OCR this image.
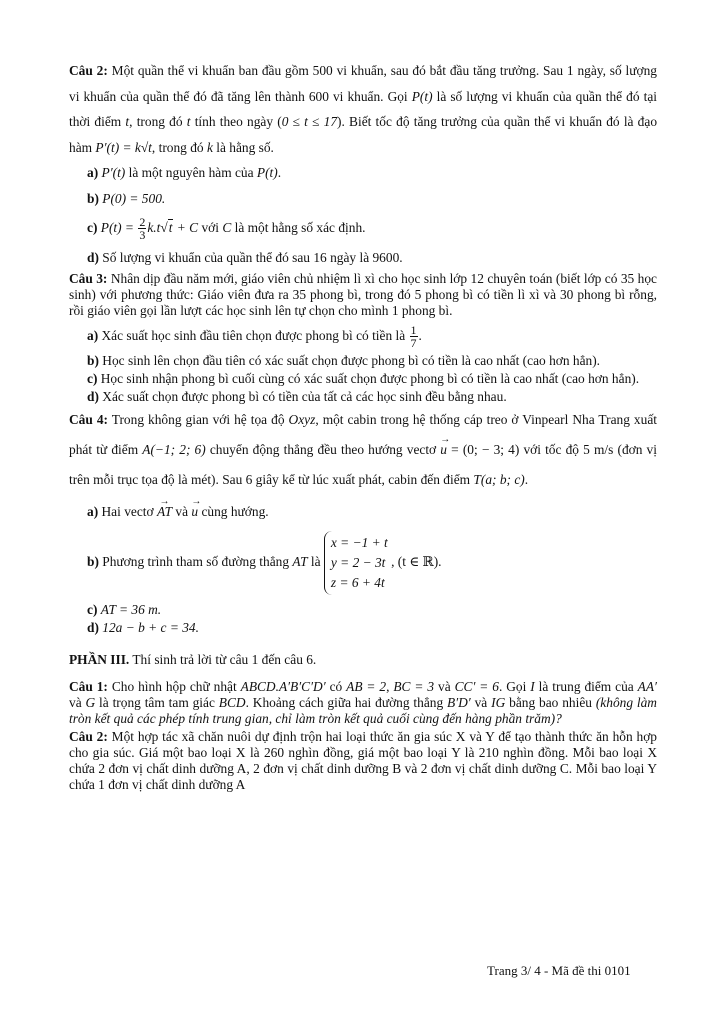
Câu 2: Một quần thể vi khuẩn ban đầu gồm 500 vi khuẩn, sau đó bắt đầu tăng trưởng. Sau 1 ngày, số lượng vi khuẩn của quần thể đó đã tăng lên thành 600 vi khuẩn. Gọi P(t) là số lượng vi khuẩn của quần thể đó tại thời điểm t, trong đó t tính theo ngày (0 ≤ t ≤ 17). Biết tốc độ tăng trưởng của quần thể vi khuẩn đó là đạo hàm P′(t) = k√t, trong đó k là hằng số.
a) P′(t) là một nguyên hàm của P(t).
b) P(0) = 500.
c) $P(t) = \frac{2}{3} k.t√t + C$ với C là một hằng số xác định.
d) Số lượng vi khuẩn của quần thể đó sau 16 ngày là 9600.
Câu 3: Nhân dịp đầu năm mới, giáo viên chủ nhiệm lì xì cho học sinh lớp 12 chuyên toán (biết lớp có 35 học sinh) với phương thức: Giáo viên đưa ra 35 phong bì, trong đó 5 phong bì có tiền lì xì và 30 phong bì rỗng, rồi giáo viên gọi lần lượt các học sinh lên tự chọn cho mình 1 phong bì.
a) Xác suất học sinh đầu tiên chọn được phong bì có tiền là $\frac{1}{7}$ .
b) Học sinh lên chọn đầu tiên có xác suất chọn được phong bì có tiền là cao nhất (cao hơn hẳn).
c) Học sinh nhận phong bì cuối cùng có xác suất chọn được phong bì có tiền là cao nhất (cao hơn hẳn).
d) Xác suất chọn được phong bì có tiền của tất cả các học sinh đều bằng nhau.
Câu 4: Trong không gian với hệ tọa độ Oxyz, một cabin trong hệ thống cáp treo ở Vinpearl Nha Trang xuất phát từ điểm A(−1; 2; 6) chuyển động thẳng đều theo hướng vectơ → u = (0; − 3; 4) với tốc độ 5 m/s (đơn vị trên mỗi trục tọa độ là mét). Sau 6 giây kể từ lúc xuất phát, cabin đến điểm T(a; b; c).
a) Hai vectơ → AT và → u cùng hướng.
b) Phương trình tham số đường thẳng AT là
x = −1 + t
y = 2 − 3t
z = 6 + 4t
, (t ∈ ℝ).
c) AT = 36 m.
d) 12a − b + c = 34.
PHẦN III. Thí sinh trả lời từ câu 1 đến câu 6.
Câu 1: Cho hình hộp chữ nhật ABCD.A′B′C′D′ có AB = 2, BC = 3 và CC′ = 6. Gọi I là trung điểm của AA′ và G là trọng tâm tam giác BCD. Khoảng cách giữa hai đường thẳng B′D′ và IG bằng bao nhiêu (không làm tròn kết quả các phép tính trung gian, chỉ làm tròn kết quả cuối cùng đến hàng phần trăm)?
Câu 2: Một hợp tác xã chăn nuôi dự định trộn hai loại thức ăn gia súc X và Y để tạo thành thức ăn hỗn hợp cho gia súc. Giá một bao loại X là 260 nghìn đồng, giá một bao loại Y là 210 nghìn đồng. Mỗi bao loại X chứa 2 đơn vị chất dinh dưỡng A, 2 đơn vị chất dinh dưỡng B và 2 đơn vị chất dinh dưỡng C. Mỗi bao loại Y chứa 1 đơn vị chất dinh dưỡng A
Trang 3/ 4 - Mã đề thi 0101
